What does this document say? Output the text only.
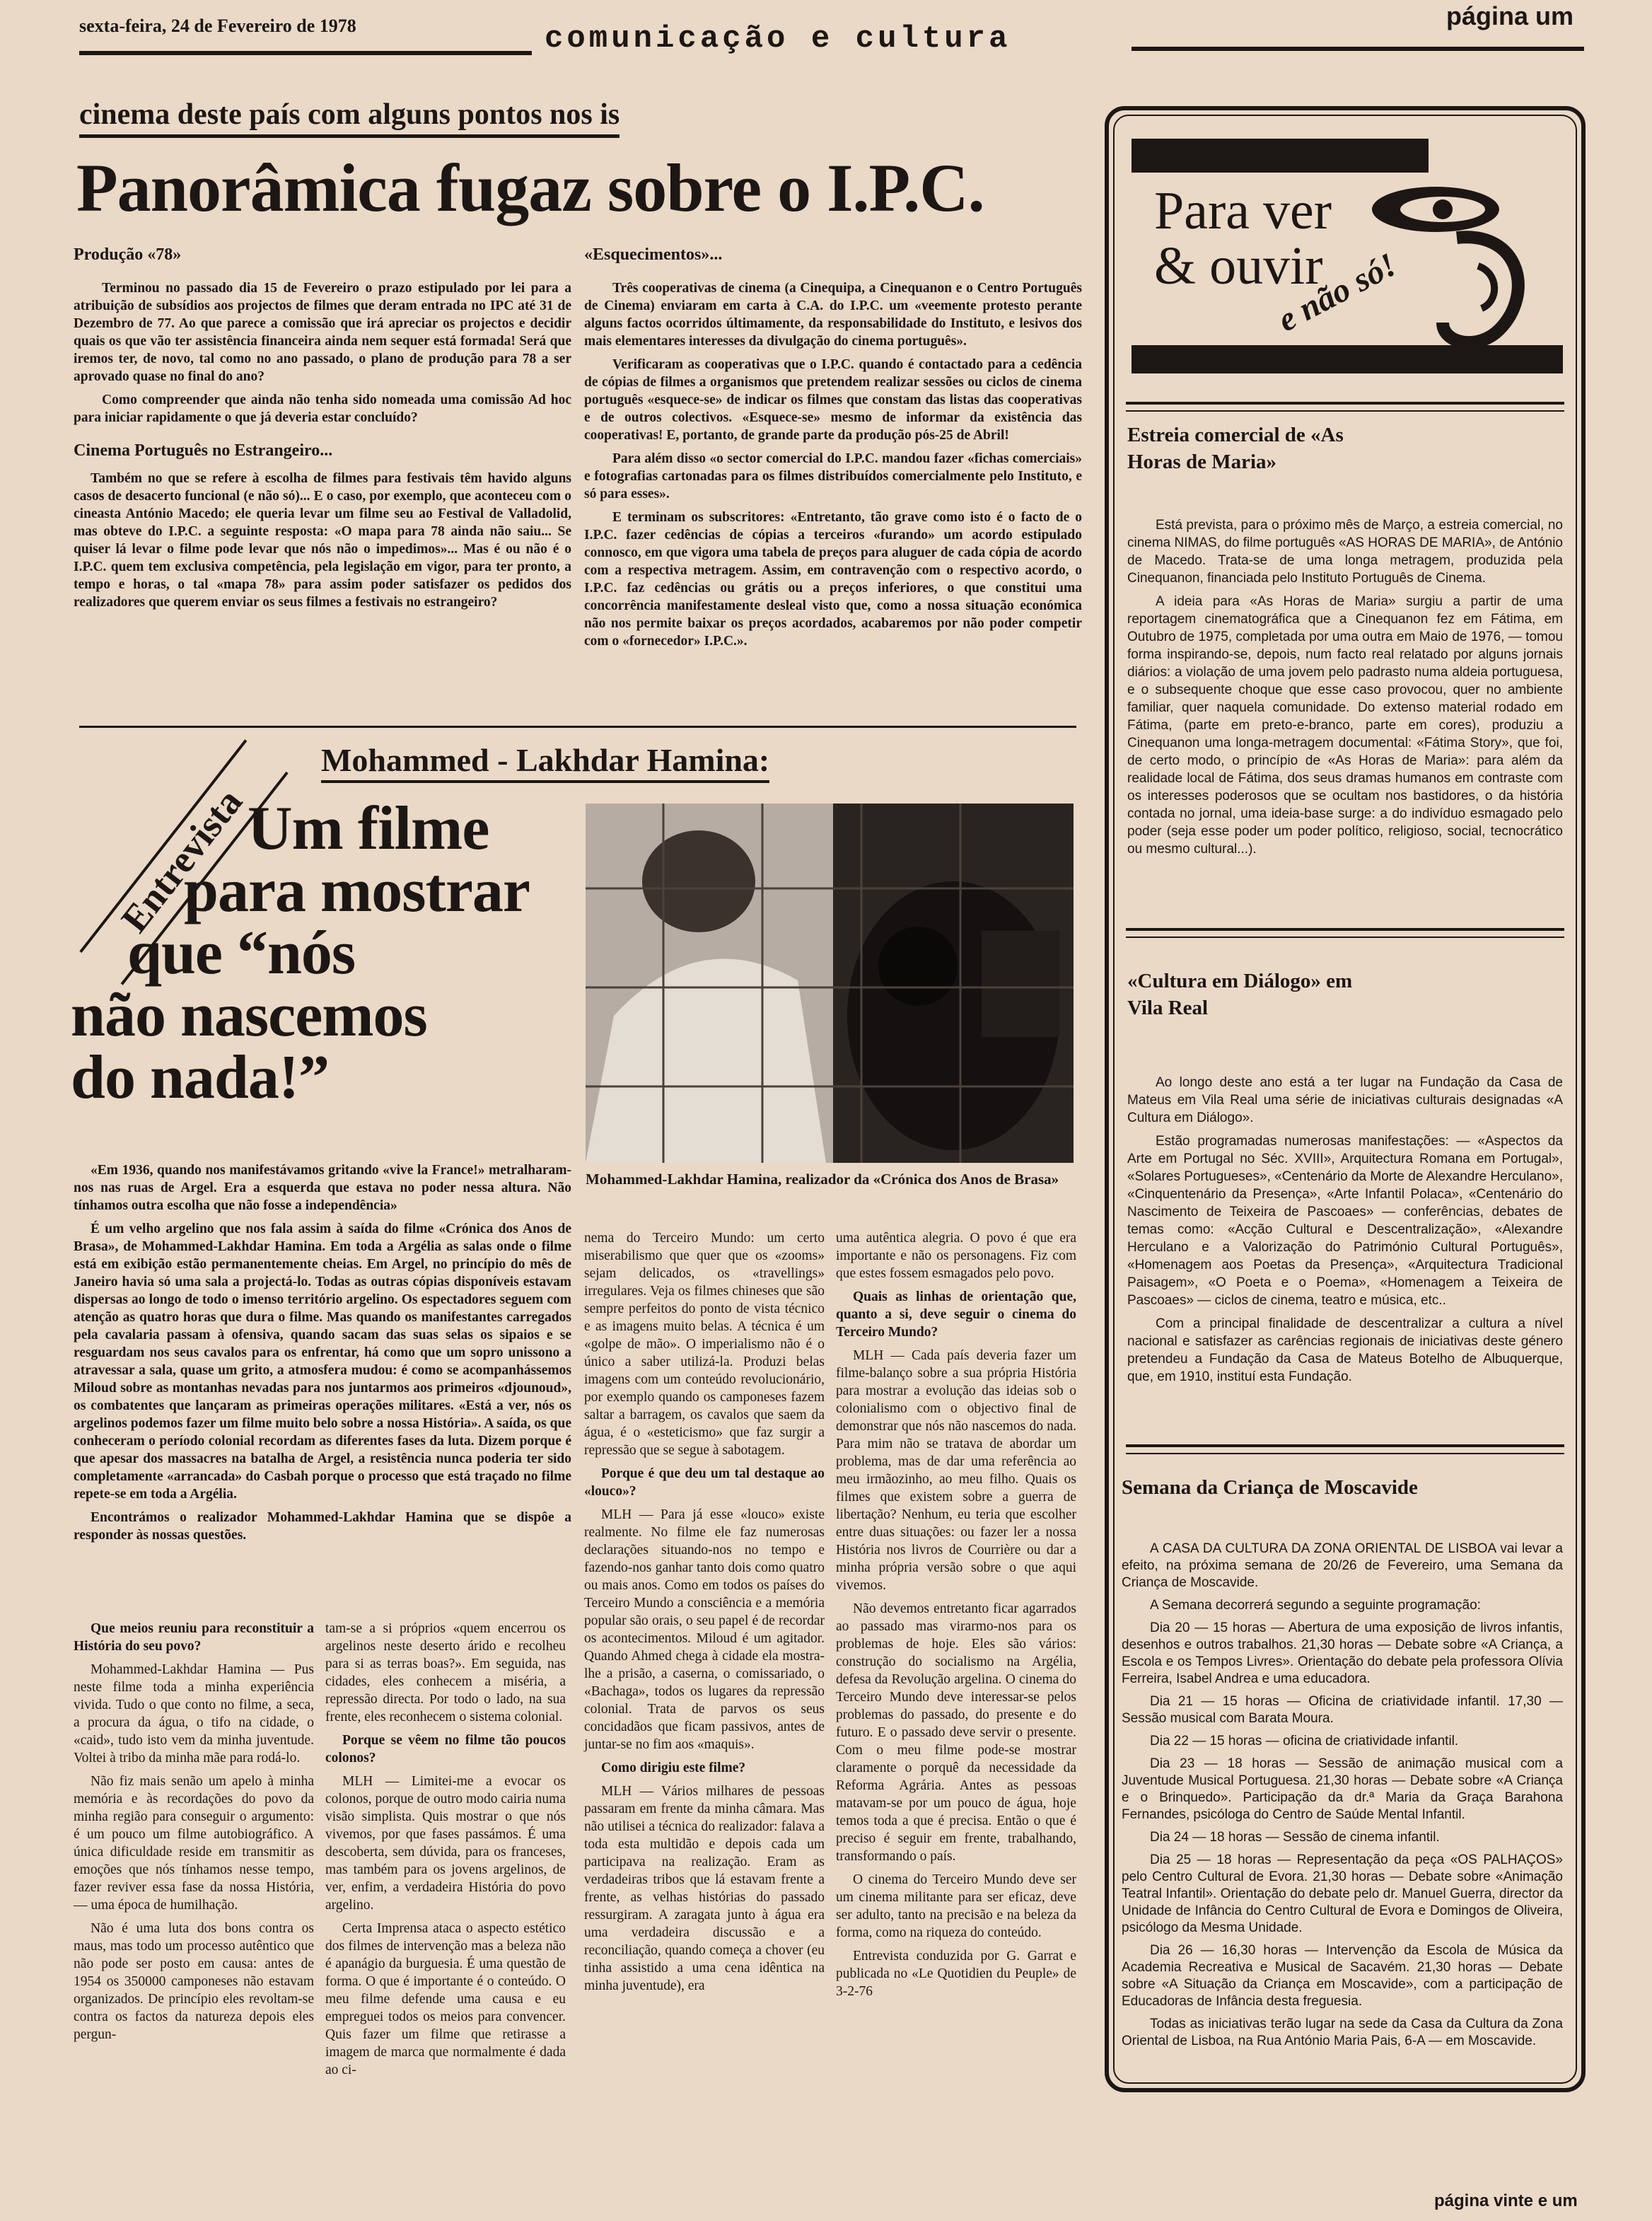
sexta-feira, 24 de Fevereiro de 1978	comunicação e cultura
página um
cinema deste país com alguns pontos nos is
Panorâmica fugaz sobre o I.P.C.

Produção «78»

Terminou no passado dia 15 de Fevereiro o prazo estipulado por lei para a atribuição de subsídios aos projectos de filmes que deram entrada no IPC até 31 de Dezembro de 77. Ao que parece a comissão que irá apreciar os projectos e decidir quais os que vão ter assistência financeira ainda nem sequer está formada! Será que iremos ter, de novo, tal como no ano passado, o plano de produção para 78 a ser aprovado quase no final do ano?

Como compreender que ainda não tenha sido nomeada uma comissão Ad hoc para iniciar rapidamente o que já deveria estar concluído?

Cinema Português no Estrangeiro...

Também no que se refere à escolha de filmes para festivais têm havido alguns casos de desacerto funcional (e não só)... E o caso, por exemplo, que aconteceu com o cineasta António Macedo; ele queria levar um filme seu ao Festival de Valladolid, mas obteve do I.P.C. a seguinte resposta: «O mapa para 78 ainda não saiu... Se quiser lá levar o filme pode levar que nós não o impedimos»... Mas é ou não é o I.P.C. quem tem exclusiva competência, pela legislação em vigor, para ter pronto, a tempo e horas, o tal «mapa 78» para assim poder satisfazer os pedidos dos realizadores que querem enviar os seus filmes a festivais no estrangeiro?

«Esquecimentos»...

Três cooperativas de cinema (a Cinequipa, a Cinequanon e o Centro Português de Cinema) enviaram em carta à C.A. do I.P.C. um «veemente protesto perante alguns factos ocorridos últimamente, da responsabilidade do Instituto, e lesivos dos mais elementares interesses da divulgação do cinema português».

Verificaram as cooperativas que o I.P.C. quando é contactado para a cedência de cópias de filmes a organismos que pretendem realizar sessões ou ciclos de cinema português «esquece-se» de indicar os filmes que constam das listas das cooperativas e de outros colectivos. «Esquece-se» mesmo de informar da existência das cooperativas! E, portanto, de grande parte da produção pós-25 de Abril!

Para além disso «o sector comercial do I.P.C. mandou fazer «fichas comerciais» e fotografias cartonadas para os filmes distribuídos comercialmente pelo Instituto, e só para esses».

E terminam os subscritores: «Entretanto, tão grave como isto é o facto de o I.P.C. fazer cedências de cópias a terceiros «furando» um acordo estipulado connosco, em que vigora uma tabela de preços para aluguer de cada cópia de acordo com a respectiva metragem. Assim, em contravenção com o respectivo acordo, o I.P.C. faz cedências ou grátis ou a preços inferiores, o que constitui uma concorrência manifestamente desleal visto que, como a nossa situação económica não nos permite baixar os preços acordados, acabaremos por não poder competir com o «fornecedor» I.P.C.».

Entrevista
Mohammed - Lakhdar Hamina:
Um filme
para mostrar
que “nós
não nascemos
do nada!”
Mohammed-Lakhdar Hamina, realizador da «Crónica dos Anos de Brasa»

«Em 1936, quando nos manifestávamos gritando «vive la France!» metralharam-nos nas ruas de Argel. Era a esquerda que estava no poder nessa altura. Não tínhamos outra escolha que não fosse a independência»

É um velho argelino que nos fala assim à saída do filme «Crónica dos Anos de Brasa», de Mohammed-Lakhdar Hamina. Em toda a Argélia as salas onde o filme está em exibição estão permanentemente cheias. Em Argel, no princípio do mês de Janeiro havia só uma sala a projectá-lo. Todas as outras cópias disponíveis estavam dispersas ao longo de todo o imenso território argelino. Os espectadores seguem com atenção as quatro horas que dura o filme. Mas quando os manifestantes carregados pela cavalaria passam à ofensiva, quando sacam das suas selas os sipaios e se resguardam nos seus cavalos para os enfrentar, há como que um sopro unissono a atravessar a sala, quase um grito, a atmosfera mudou: é como se acompanhássemos Miloud sobre as montanhas nevadas para nos juntarmos aos primeiros «djounoud», os combatentes que lançaram as primeiras operações militares. «Está a ver, nós os argelinos podemos fazer um filme muito belo sobre a nossa História». A saída, os que conheceram o período colonial recordam as diferentes fases da luta. Dizem porque é que apesar dos massacres na batalha de Argel, a resistência nunca poderia ter sido completamente «arrancada» do Casbah porque o processo que está traçado no filme repete-se em toda a Argélia.

Encontrámos o realizador Mohammed-Lakhdar Hamina que se dispôe a responder às nossas questões.

Que meios reuniu para reconstituir a História do seu povo?

Mohammed-Lakhdar Hamina — Pus neste filme toda a minha experiência vivida. Tudo o que conto no filme, a seca, a procura da água, o tifo na cidade, o «caid», tudo isto vem da minha juventude. Voltei à tribo da minha mãe para rodá-lo.

Não fiz mais senão um apelo à minha memória e às recordações do povo da minha região para conseguir o argumento: é um pouco um filme autobiográfico. A única dificuldade reside em transmitir as emoções que nós tínhamos nesse tempo, fazer reviver essa fase da nossa História, — uma época de humilhação.

Não é uma luta dos bons contra os maus, mas todo um processo autêntico que não pode ser posto em causa: antes de 1954 os 350000 camponeses não estavam organizados. De princípio eles revoltam-se contra os factos da natureza depois eles pergun-

tam-se a si próprios «quem encerrou os argelinos neste deserto árido e recolheu para si as terras boas?». Em seguida, nas cidades, eles conhecem a miséria, a repressão directa. Por todo o lado, na sua frente, eles reconhecem o sistema colonial.

Porque se vêem no filme tão poucos colonos?

MLH — Limitei-me a evocar os colonos, porque de outro modo cairia numa visão simplista. Quis mostrar o que nós vivemos, por que fases passámos. É uma descoberta, sem dúvida, para os franceses, mas também para os jovens argelinos, de ver, enfim, a verdadeira História do povo argelino.

Certa Imprensa ataca o aspecto estético dos filmes de intervenção mas a beleza não é apanágio da burguesia. É uma questão de forma. O que é importante é o conteúdo. O meu filme defende uma causa e eu empreguei todos os meios para convencer. Quis fazer um filme que retirasse a imagem de marca que normalmente é dada ao ci-

nema do Terceiro Mundo: um certo miserabilismo que quer que os «zooms» sejam delicados, os «travellings» irregulares. Veja os filmes chineses que são sempre perfeitos do ponto de vista técnico e as imagens muito belas. A técnica é um «golpe de mão». O imperialismo não é o único a saber utilizá-la. Produzi belas imagens com um conteúdo revolucionário, por exemplo quando os camponeses fazem saltar a barragem, os cavalos que saem da água, é o «esteticismo» que faz surgir a repressão que se segue à sabotagem.

Porque é que deu um tal destaque ao «louco»?

MLH — Para já esse «louco» existe realmente. No filme ele faz numerosas declarações situando-nos no tempo e fazendo-nos ganhar tanto dois como quatro ou mais anos. Como em todos os países do Terceiro Mundo a consciência e a memória popular são orais, o seu papel é de recordar os acontecimentos. Miloud é um agitador. Quando Ahmed chega à cidade ela mostra-lhe a prisão, a caserna, o comissariado, o «Bachaga», todos os lugares da repressão colonial. Trata de parvos os seus concidadãos que ficam passivos, antes de juntar-se no fim aos «maquis».

Como dirigiu este filme?

MLH — Vários milhares de pessoas passaram em frente da minha câmara. Mas não utilisei a técnica do realizador: falava a toda esta multidão e depois cada um participava na realização. Eram as verdadeiras tribos que lá estavam frente a frente, as velhas histórias do passado ressurgiram. A zaragata junto à água era uma verdadeira discussão e a reconciliação, quando começa a chover (eu tinha assistido a uma cena idêntica na minha juventude), era

uma autêntica alegria. O povo é que era importante e não os personagens. Fiz com que estes fossem esmagados pelo povo.

Quais as linhas de orientação que, quanto a si, deve seguir o cinema do Terceiro Mundo?

MLH — Cada país deveria fazer um filme-balanço sobre a sua própria História para mostrar a evolução das ideias sob o colonialismo com o objectivo final de demonstrar que nós não nascemos do nada. Para mim não se tratava de abordar um problema, mas de dar uma referência ao meu irmãozinho, ao meu filho. Quais os filmes que existem sobre a guerra de libertação? Nenhum, eu teria que escolher entre duas situações: ou fazer ler a nossa História nos livros de Courrière ou dar a minha própria versão sobre o que aqui vivemos.

Não devemos entretanto ficar agarrados ao passado mas virarmo-nos para os problemas de hoje. Eles são vários: construção do socialismo na Argélia, defesa da Revolução argelina. O cinema do Terceiro Mundo deve interessar-se pelos problemas do passado, do presente e do futuro. E o passado deve servir o presente. Com o meu filme pode-se mostrar claramente o porquê da necessidade da Reforma Agrária. Antes as pessoas matavam-se por um pouco de água, hoje temos toda a que é precisa. Então o que é preciso é seguir em frente, trabalhando, transformando o país.

O cinema do Terceiro Mundo deve ser um cinema militante para ser eficaz, deve ser adulto, tanto na precisão e na beleza da forma, como na riqueza do conteúdo.

Entrevista conduzida por G. Garrat e publicada no «Le Quotidien du Peuple» de 3-2-76

Para ver
& ouvir
e não só!
Estreia comercial de «As Horas de Maria»

Está prevista, para o próximo mês de Março, a estreia comercial, no cinema NIMAS, do filme português «AS HORAS DE MARIA», de António de Macedo. Trata-se de uma longa metragem, produzida pela Cinequanon, financiada pelo Instituto Português de Cinema.

A ideia para «As Horas de Maria» surgiu a partir de uma reportagem cinematográfica que a Cinequanon fez em Fátima, em Outubro de 1975, completada por uma outra em Maio de 1976, — tomou forma inspirando-se, depois, num facto real relatado por alguns jornais diários: a violação de uma jovem pelo padrasto numa aldeia portuguesa, e o subsequente choque que esse caso provocou, quer no ambiente familiar, quer naquela comunidade. Do extenso material rodado em Fátima, (parte em preto-e-branco, parte em cores), produziu a Cinequanon uma longa-metragem documental: «Fátima Story», que foi, de certo modo, o princípio de «As Horas de Maria»: para além da realidade local de Fátima, dos seus dramas humanos em contraste com os interesses poderosos que se ocultam nos bastidores, o da história contada no jornal, uma ideia-base surge: a do indivíduo esmagado pelo poder (seja esse poder um poder político, religioso, social, tecnocrático ou mesmo cultural...).

«Cultura em Diálogo» em Vila Real

Ao longo deste ano está a ter lugar na Fundação da Casa de Mateus em Vila Real uma série de iniciativas culturais designadas «A Cultura em Diálogo».

Estão programadas numerosas manifestações: — «Aspectos da Arte em Portugal no Séc. XVIII», Arquitectura Romana em Portugal», «Solares Portugueses», «Centenário da Morte de Alexandre Herculano», «Cinquentenário da Presença», «Arte Infantil Polaca», «Centenário do Nascimento de Teixeira de Pascoaes» — conferências, debates de temas como: «Acção Cultural e Descentralização», «Alexandre Herculano e a Valorização do Património Cultural Português», «Homenagem aos Poetas da Presença», «Arquitectura Tradicional Paisagem», «O Poeta e o Poema», «Homenagem a Teixeira de Pascoaes» — ciclos de cinema, teatro e música, etc..

Com a principal finalidade de descentralizar a cultura a nível nacional e satisfazer as carências regionais de iniciativas deste género pretendeu a Fundação da Casa de Mateus Botelho de Albuquerque, que, em 1910, instituí esta Fundação.

Semana da Criança de Moscavide

A CASA DA CULTURA DA ZONA ORIENTAL DE LISBOA vai levar a efeito, na próxima semana de 20/26 de Fevereiro, uma Semana da Criança de Moscavide.

A Semana decorrerá segundo a seguinte programação:

Dia 20 — 15 horas — Abertura de uma exposição de livros infantis, desenhos e outros trabalhos. 21,30 horas — Debate sobre «A Criança, a Escola e os Tempos Livres». Orientação do debate pela professora Olívia Ferreira, Isabel Andrea e uma educadora.

Dia 21 — 15 horas — Oficina de criatividade infantil. 17,30 — Sessão musical com Barata Moura.

Dia 22 — 15 horas — oficina de criatividade infantil.

Dia 23 — 18 horas — Sessão de animação musical com a Juventude Musical Portuguesa. 21,30 horas — Debate sobre «A Criança e o Brinquedo». Participação da dr.ª Maria da Graça Barahona Fernandes, psicóloga do Centro de Saúde Mental Infantil.

Dia 24 — 18 horas — Sessão de cinema infantil.

Dia 25 — 18 horas — Representação da peça «OS PALHAÇOS» pelo Centro Cultural de Evora. 21,30 horas — Debate sobre «Animação Teatral Infantil». Orientação do debate pelo dr. Manuel Guerra, director da Unidade de Infância do Centro Cultural de Evora e Domingos de Oliveira, psicólogo da Mesma Unidade.

Dia 26 — 16,30 horas — Intervenção da Escola de Música da Academia Recreativa e Musical de Sacavém. 21,30 horas — Debate sobre «A Situação da Criança em Moscavide», com a participação de Educadoras de Infância desta freguesia.

Todas as iniciativas terão lugar na sede da Casa da Cultura da Zona Oriental de Lisboa, na Rua António Maria Pais, 6-A — em Moscavide.

página vinte e um
